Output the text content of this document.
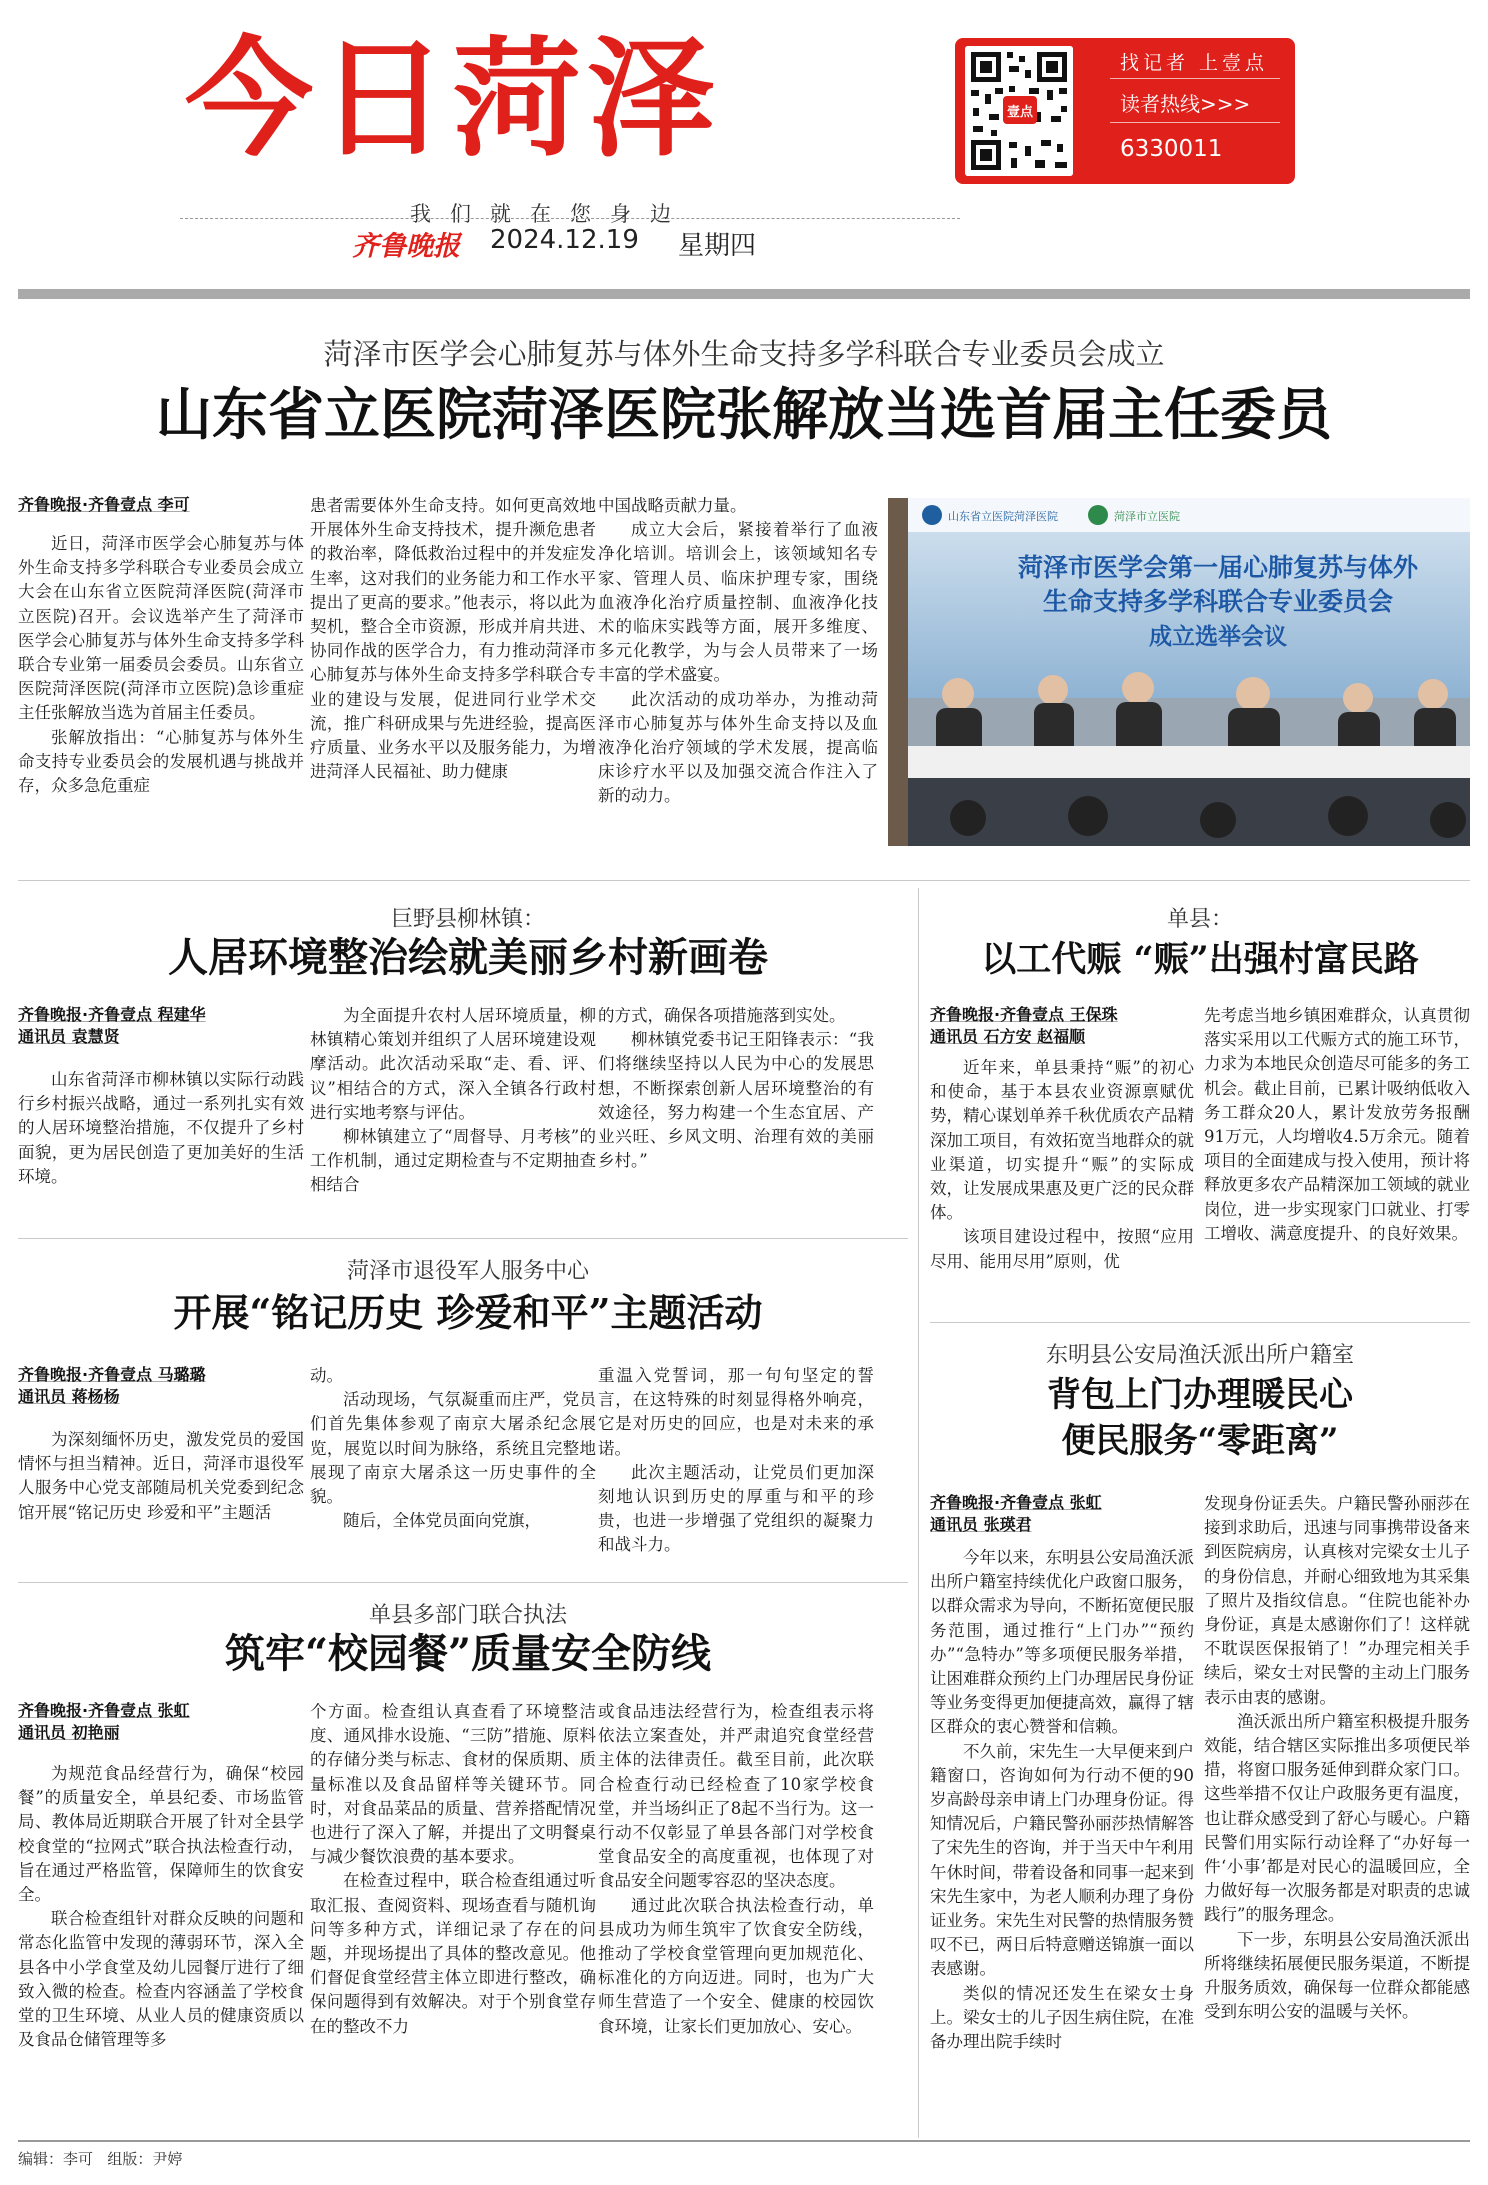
今日菏泽
我们就在您身边
齐鲁晚报 2024.12.19 星期四
壹点
找记者 上壹点
读者热线>>>
6330011
菏泽市医学会心肺复苏与体外生命支持多学科联合专业委员会成立
山东省立医院菏泽医院张解放当选首届主任委员
齐鲁晚报·齐鲁壹点 李可

近日，菏泽市医学会心肺复苏与体外生命支持多学科联合专业委员会成立大会在山东省立医院菏泽医院(菏泽市立医院)召开。会议选举产生了菏泽市医学会心肺复苏与体外生命支持多学科联合专业第一届委员会委员。山东省立医院菏泽医院(菏泽市立医院)急诊重症主任张解放当选为首届主任委员。

张解放指出：“心肺复苏与体外生命支持专业委员会的发展机遇与挑战并存，众多急危重症

患者需要体外生命支持。如何更高效地开展体外生命支持技术，提升濒危患者的救治率，降低救治过程中的并发症发生率，这对我们的业务能力和工作水平提出了更高的要求。”他表示，将以此为契机，整合全市资源，形成并肩共进、协同作战的医学合力，有力推动菏泽市心肺复苏与体外生命支持多学科联合专业的建设与发展，促进同行业学术交流，推广科研成果与先进经验，提高医疗质量、业务水平以及服务能力，为增进菏泽人民福祉、助力健康

中国战略贡献力量。

成立大会后，紧接着举行了血液净化培训。培训会上，该领域知名专家、管理人员、临床护理专家，围绕血液净化治疗质量控制、血液净化技术的临床实践等方面，展开多维度、多元化教学，为与会人员带来了一场丰富的学术盛宴。

此次活动的成功举办，为推动菏泽市心肺复苏与体外生命支持以及血液净化治疗领域的学术发展，提高临床诊疗水平以及加强交流合作注入了新的动力。

山东省立医院菏泽医院	菏泽市立医院
菏泽市医学会第一届心肺复苏与体外
生命支持多学科联合专业委员会
成立选举会议
巨野县柳林镇：
人居环境整治绘就美丽乡村新画卷
齐鲁晚报·齐鲁壹点 程建华
通讯员 袁慧贤

山东省菏泽市柳林镇以实际行动践行乡村振兴战略，通过一系列扎实有效的人居环境整治措施，不仅提升了乡村面貌，更为居民创造了更加美好的生活环境。

为全面提升农村人居环境质量，柳林镇精心策划并组织了人居环境建设观摩活动。此次活动采取“走、看、评、议”相结合的方式，深入全镇各行政村进行实地考察与评估。

柳林镇建立了“周督导、月考核”的工作机制，通过定期检查与不定期抽查相结合

的方式，确保各项措施落到实处。

柳林镇党委书记王阳锋表示：“我们将继续坚持以人民为中心的发展思想，不断探索创新人居环境整治的有效途径，努力构建一个生态宜居、产业兴旺、乡风文明、治理有效的美丽乡村。”

单县：
以工代赈 “赈”出强村富民路
齐鲁晚报·齐鲁壹点 王保珠
通讯员 石方安 赵福顺

近年来，单县秉持“赈”的初心和使命，基于本县农业资源禀赋优势，精心谋划单养千秋优质农产品精深加工项目，有效拓宽当地群众的就业渠道，切实提升“赈”的实际成效，让发展成果惠及更广泛的民众群体。

该项目建设过程中，按照“应用尽用、能用尽用”原则，优

先考虑当地乡镇困难群众，认真贯彻落实采用以工代赈方式的施工环节，力求为本地民众创造尽可能多的务工机会。截止目前，已累计吸纳低收入务工群众20人，累计发放劳务报酬91万元，人均增收4.5万余元。随着项目的全面建成与投入使用，预计将释放更多农产品精深加工领域的就业岗位，进一步实现家门口就业、打零工增收、满意度提升、的良好效果。

菏泽市退役军人服务中心
开展“铭记历史 珍爱和平”主题活动
齐鲁晚报·齐鲁壹点 马璐璐
通讯员 蒋杨杨

为深刻缅怀历史，激发党员的爱国情怀与担当精神。近日，菏泽市退役军人服务中心党支部随局机关党委到纪念馆开展“铭记历史 珍爱和平”主题活

动。

活动现场，气氛凝重而庄严，党员们首先集体参观了南京大屠杀纪念展览，展览以时间为脉络，系统且完整地展现了南京大屠杀这一历史事件的全貌。

随后，全体党员面向党旗，

重温入党誓词，那一句句坚定的誓言，在这特殊的时刻显得格外响亮，它是对历史的回应，也是对未来的承诺。

此次主题活动，让党员们更加深刻地认识到历史的厚重与和平的珍贵，也进一步增强了党组织的凝聚力和战斗力。

单县多部门联合执法
筑牢“校园餐”质量安全防线
齐鲁晚报·齐鲁壹点 张虹
通讯员 初艳丽

为规范食品经营行为，确保“校园餐”的质量安全，单县纪委、市场监管局、教体局近期联合开展了针对全县学校食堂的“拉网式”联合执法检查行动，旨在通过严格监管，保障师生的饮食安全。

联合检查组针对群众反映的问题和常态化监管中发现的薄弱环节，深入全县各中小学食堂及幼儿园餐厅进行了细致入微的检查。检查内容涵盖了学校食堂的卫生环境、从业人员的健康资质以及食品仓储管理等多

个方面。检查组认真查看了环境整洁度、通风排水设施、“三防”措施、原料的存储分类与标志、食材的保质期、质量标准以及食品留样等关键环节。同时，对食品菜品的质量、营养搭配情况也进行了深入了解，并提出了文明餐桌与减少餐饮浪费的基本要求。

在检查过程中，联合检查组通过听取汇报、查阅资料、现场查看与随机询问等多种方式，详细记录了存在的问题，并现场提出了具体的整改意见。他们督促食堂经营主体立即进行整改，确保问题得到有效解决。对于个别食堂存在的整改不力

或食品违法经营行为，检查组表示将依法立案查处，并严肃追究食堂经营主体的法律责任。截至目前，此次联合检查行动已经检查了10家学校食堂，并当场纠正了8起不当行为。这一行动不仅彰显了单县各部门对学校食堂食品安全的高度重视，也体现了对食品安全问题零容忍的坚决态度。

通过此次联合执法检查行动，单县成功为师生筑牢了饮食安全防线，推动了学校食堂管理向更加规范化、标准化的方向迈进。同时，也为广大师生营造了一个安全、健康的校园饮食环境，让家长们更加放心、安心。

东明县公安局渔沃派出所户籍室
背包上门办理暖民心
便民服务“零距离”
齐鲁晚报·齐鲁壹点 张虹
通讯员 张瑛君

今年以来，东明县公安局渔沃派出所户籍室持续优化户政窗口服务，以群众需求为导向，不断拓宽便民服务范围，通过推行“上门办”“预约办”“急特办”等多项便民服务举措，让困难群众预约上门办理居民身份证等业务变得更加便捷高效，赢得了辖区群众的衷心赞誉和信赖。

不久前，宋先生一大早便来到户籍窗口，咨询如何为行动不便的90岁高龄母亲申请上门办理身份证。得知情况后，户籍民警孙丽莎热情解答了宋先生的咨询，并于当天中午利用午休时间，带着设备和同事一起来到宋先生家中，为老人顺利办理了身份证业务。宋先生对民警的热情服务赞叹不已，两日后特意赠送锦旗一面以表感谢。

类似的情况还发生在梁女士身上。梁女士的儿子因生病住院，在准备办理出院手续时

发现身份证丢失。户籍民警孙丽莎在接到求助后，迅速与同事携带设备来到医院病房，认真核对完梁女士儿子的身份信息，并耐心细致地为其采集了照片及指纹信息。“住院也能补办身份证，真是太感谢你们了！这样就不耽误医保报销了！”办理完相关手续后，梁女士对民警的主动上门服务表示由衷的感谢。

渔沃派出所户籍室积极提升服务效能，结合辖区实际推出多项便民举措，将窗口服务延伸到群众家门口。这些举措不仅让户政服务更有温度，也让群众感受到了舒心与暖心。户籍民警们用实际行动诠释了“办好每一件‘小事’都是对民心的温暖回应，全力做好每一次服务都是对职责的忠诚践行”的服务理念。

下一步，东明县公安局渔沃派出所将继续拓展便民服务渠道，不断提升服务质效，确保每一位群众都能感受到东明公安的温暖与关怀。

编辑：李可 组版：尹婷
